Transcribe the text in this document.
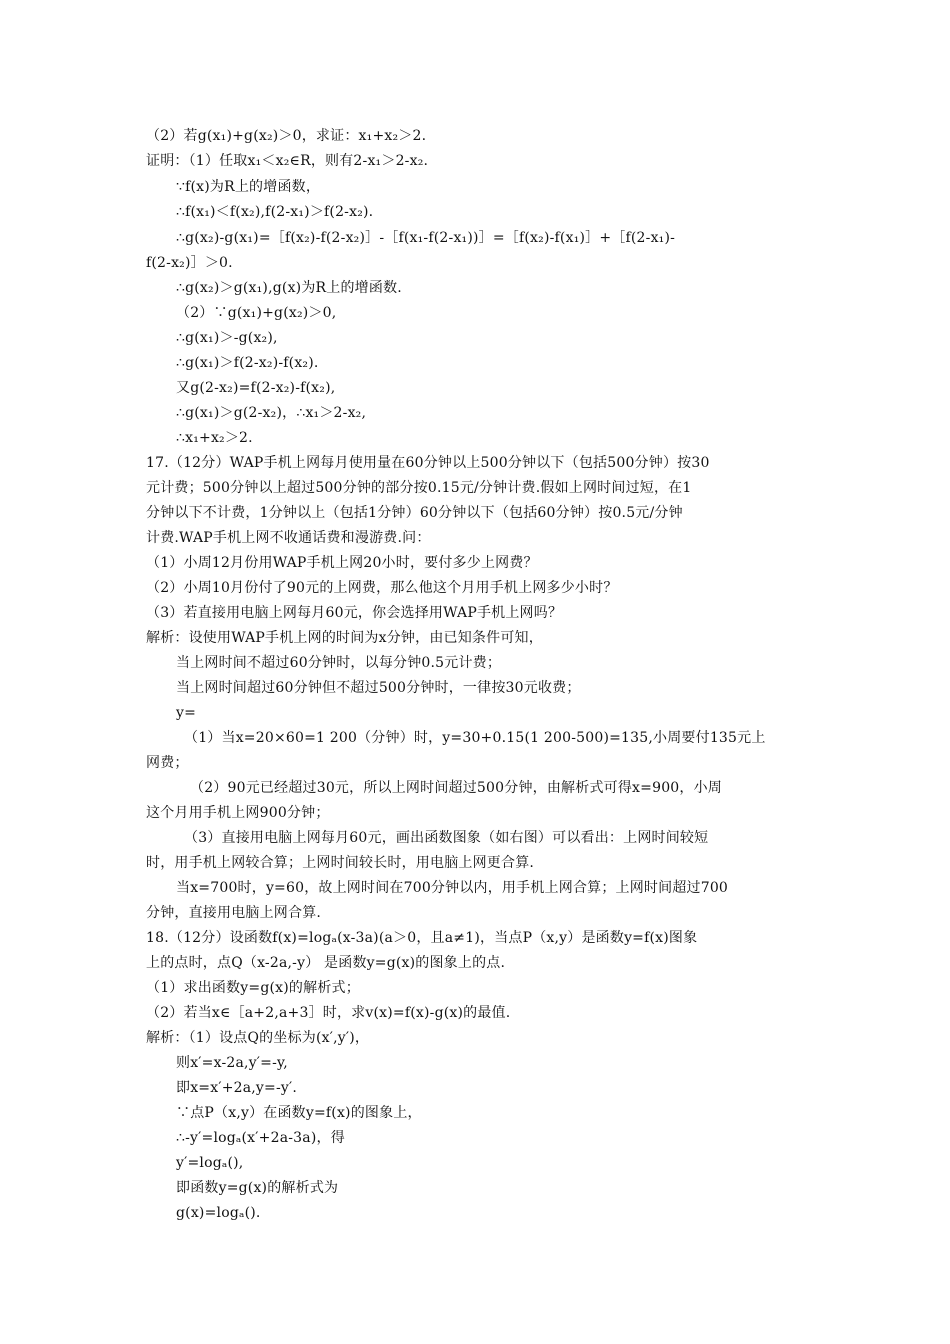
（2）若g(x₁)+g(x₂)＞0，求证：x₁+x₂＞2.
证明：（1）任取x₁＜x₂∈R，则有2-x₁＞2-x₂.
∵f(x)为R上的增函数，
∴f(x₁)＜f(x₂),f(2-x₁)＞f(2-x₂).
∴g(x₂)-g(x₁)=［f(x₂)-f(2-x₂)］-［f(x₁-f(2-x₁))］=［f(x₂)-f(x₁)］+［f(2-x₁)-
f(2-x₂)］＞0.
∴g(x₂)＞g(x₁),g(x)为R上的增函数.
（2）∵g(x₁)+g(x₂)＞0,
∴g(x₁)＞-g(x₂),
∴g(x₁)＞f(2-x₂)-f(x₂).
又g(2-x₂)=f(2-x₂)-f(x₂),
∴g(x₁)＞g(2-x₂)，∴x₁＞2-x₂,
∴x₁+x₂＞2.
17.（12分）WAP手机上网每月使用量在60分钟以上500分钟以下（包括500分钟）按30
元计费；500分钟以上超过500分钟的部分按0.15元/分钟计费.假如上网时间过短，在1
分钟以下不计费，1分钟以上（包括1分钟）60分钟以下（包括60分钟）按0.5元/分钟
计费.WAP手机上网不收通话费和漫游费.问：
（1）小周12月份用WAP手机上网20小时，要付多少上网费？
（2）小周10月份付了90元的上网费，那么他这个月用手机上网多少小时？
（3）若直接用电脑上网每月60元，你会选择用WAP手机上网吗？
解析：设使用WAP手机上网的时间为x分钟，由已知条件可知，
当上网时间不超过60分钟时，以每分钟0.5元计费；
当上网时间超过60分钟但不超过500分钟时，一律按30元收费；
y=
（1）当x=20×60=1 200（分钟）时，y=30+0.15(1 200-500)=135,小周要付135元上
网费；
（2）90元已经超过30元，所以上网时间超过500分钟，由解析式可得x=900，小周
这个月用手机上网900分钟；
（3）直接用电脑上网每月60元，画出函数图象（如右图）可以看出：上网时间较短
时，用手机上网较合算；上网时间较长时，用电脑上网更合算.
当x=700时，y=60，故上网时间在700分钟以内，用手机上网合算；上网时间超过700
分钟，直接用电脑上网合算.
18.（12分）设函数f(x)=logₐ(x-3a)(a＞0，且a≠1)，当点P（x,y）是函数y=f(x)图象
上的点时，点Q（x-2a,-y） 是函数y=g(x)的图象上的点.
（1）求出函数y=g(x)的解析式；
（2）若当x∈［a+2,a+3］时，求v(x)=f(x)-g(x)的最值.
解析：（1）设点Q的坐标为(x′,y′)，
则x′=x-2a,y′=-y,
即x=x′+2a,y=-y′.
∵点P（x,y）在函数y=f(x)的图象上，
∴-y′=logₐ(x′+2a-3a)，得
y′=logₐ(),
即函数y=g(x)的解析式为
g(x)=logₐ().
